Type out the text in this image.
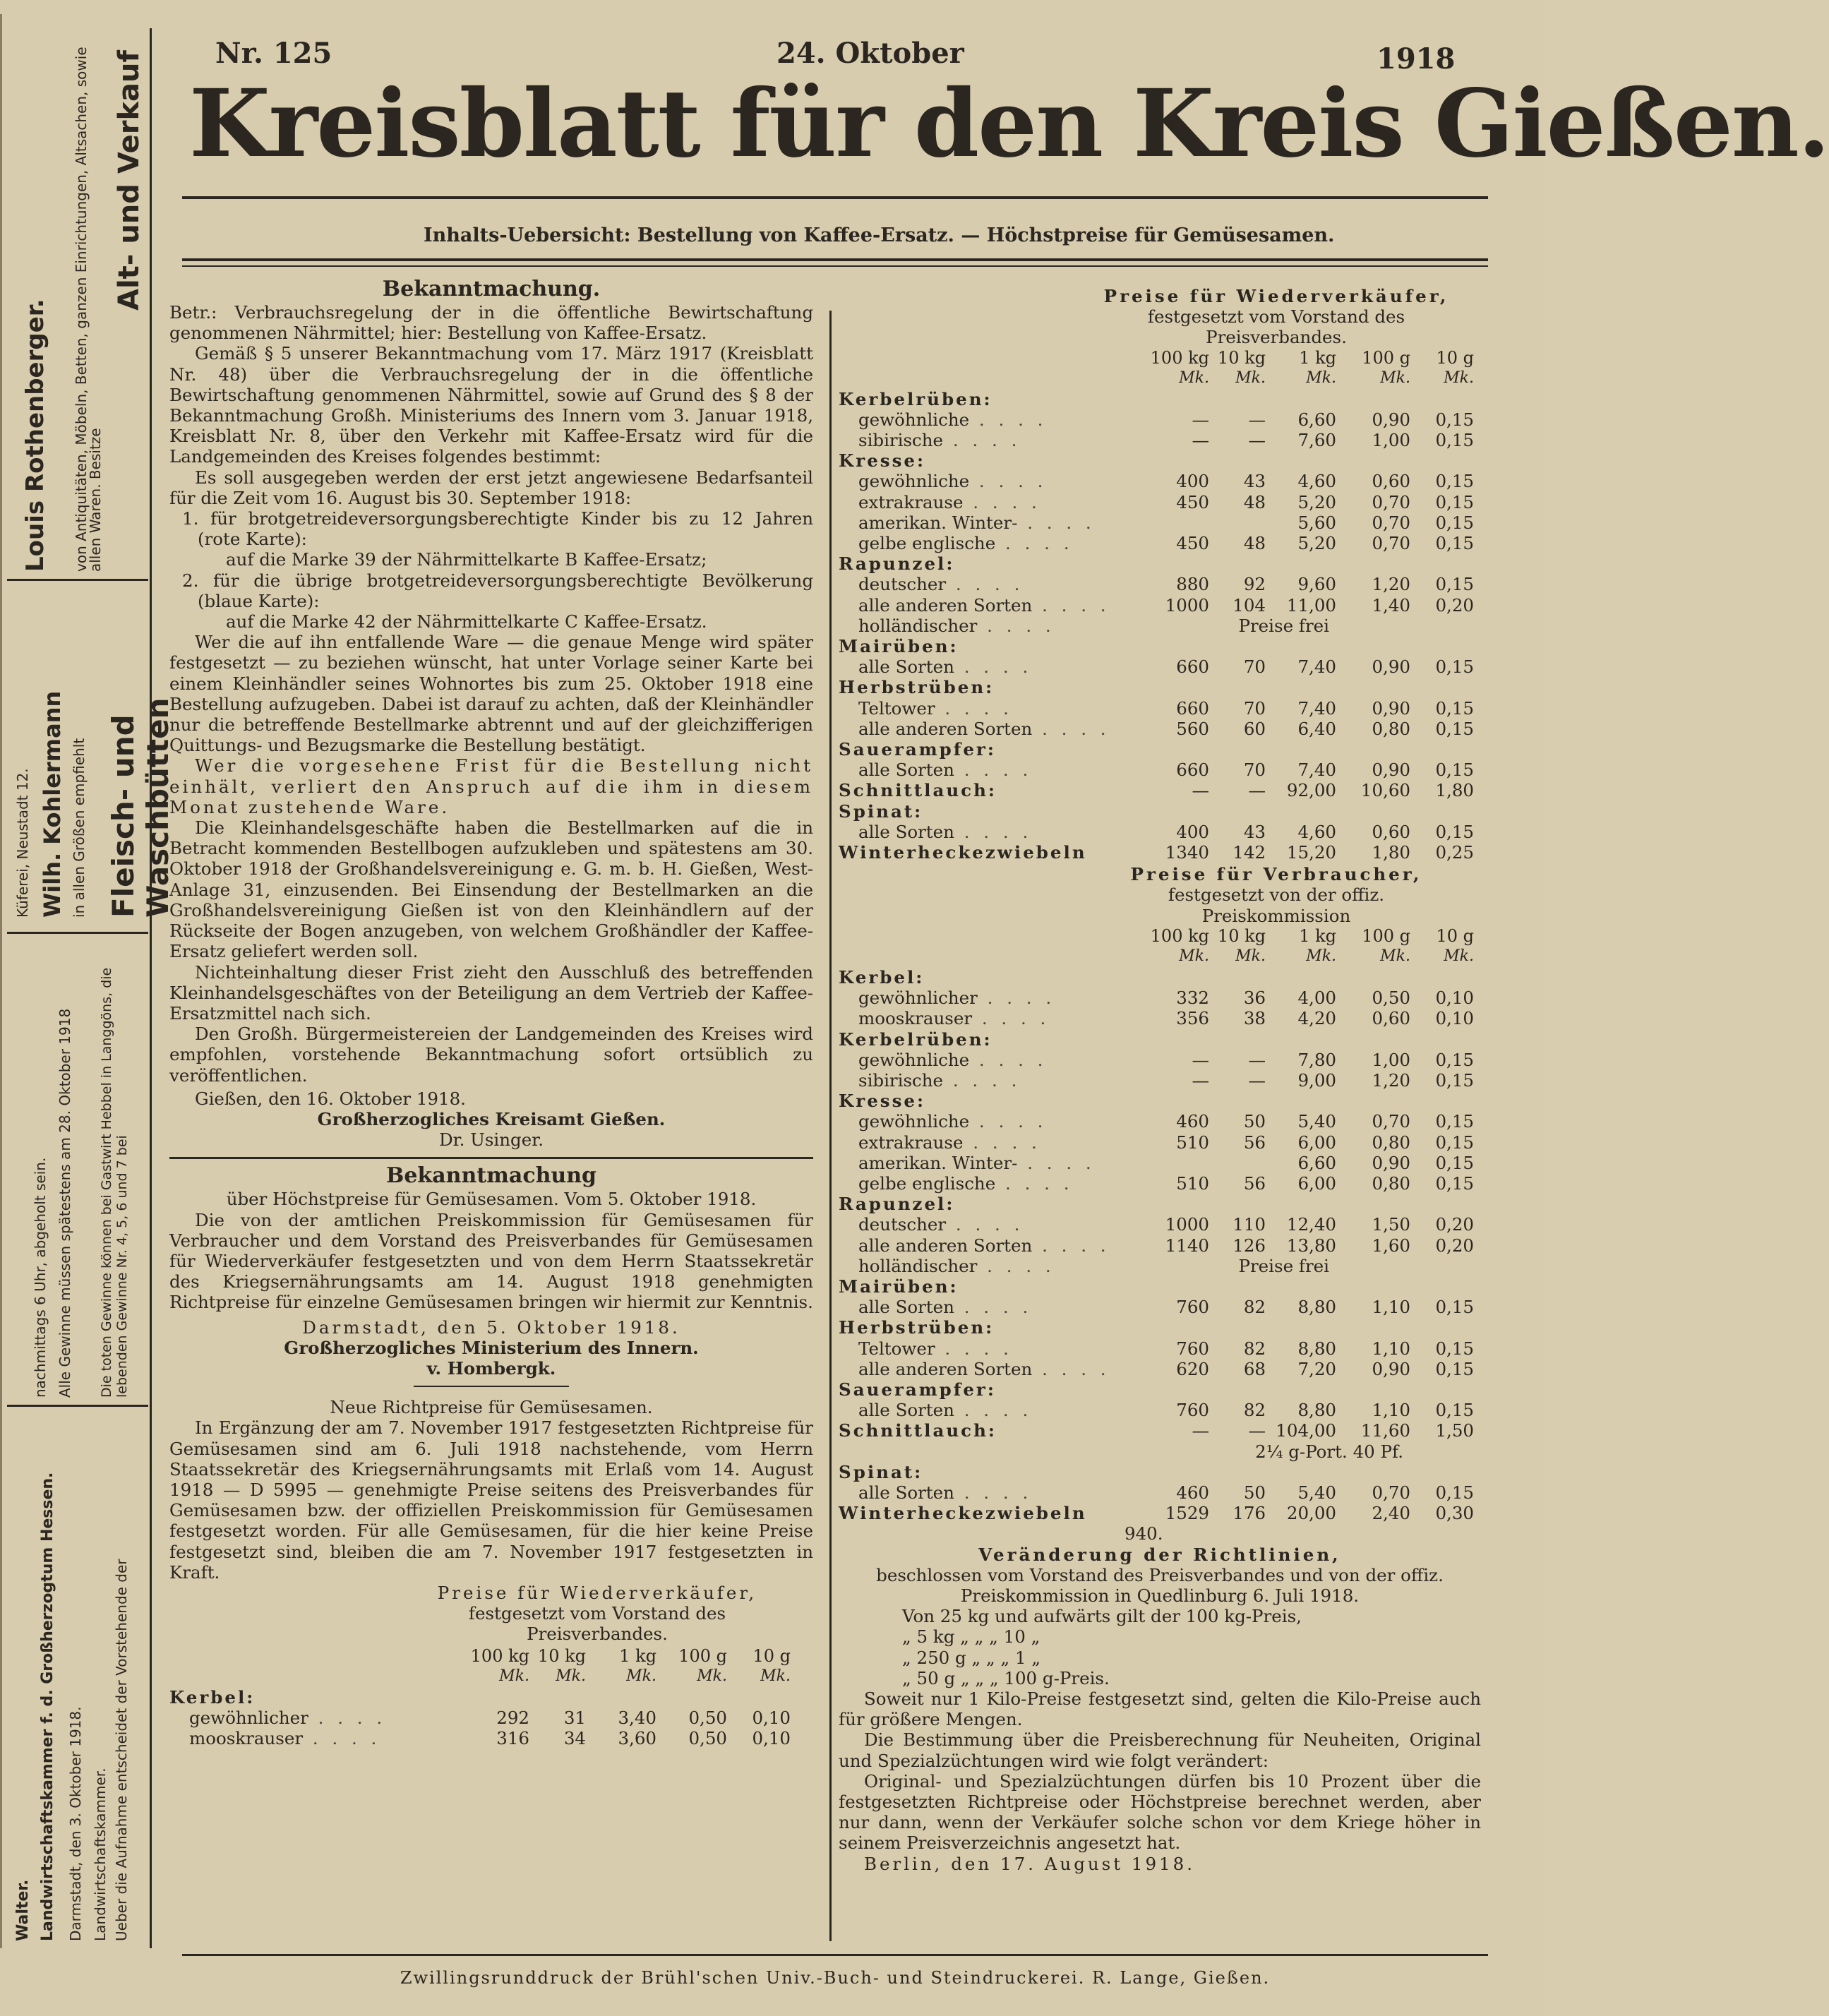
Nr. 125	24. Oktober	1918
Kreisblatt für den Kreis Gießen.
Inhalts-Uebersicht: Bestellung von Kaffee-Ersatz. — Höchstpreise für Gemüsesamen.
Alt- und Verkauf
von Antiquitäten, Möbeln, Betten, ganzen Einrichtungen, Altsachen, sowie allen Waren. Besitze
Louis Rothenberger.
Fleisch- und Waschbütten
in allen Größen empfiehlt
Wilh. Kohlermann
Küferei, Neustadt 12.
Die toten Gewinne können bei Gastwirt Hebbel in Langgöns, die lebenden Gewinne Nr. 4, 5, 6 und 7 bei
Alle Gewinne müssen spätestens am 28. Oktober 1918
nachmittags 6 Uhr, abgeholt sein.
Ueber die Aufnahme entscheidet der Vorstehende der
Landwirtschaftskammer.
Darmstadt, den 3. Oktober 1918.
Landwirtschaftskammer f. d. Großherzogtum Hessen.
Walter.

Bekanntmachung.

Betr.: Verbrauchsregelung der in die öffentliche Bewirtschaftung genommenen Nährmittel; hier: Bestellung von Kaffee-Ersatz.

Gemäß § 5 unserer Bekanntmachung vom 17. März 1917 (Kreisblatt Nr. 48) über die Verbrauchsregelung der in die öffentliche Bewirtschaftung genommenen Nährmittel, sowie auf Grund des § 8 der Bekanntmachung Großh. Ministeriums des Innern vom 3. Januar 1918, Kreisblatt Nr. 8, über den Verkehr mit Kaffee-Ersatz wird für die Landgemeinden des Kreises folgendes bestimmt:

Es soll ausgegeben werden der erst jetzt angewiesene Bedarfsanteil für die Zeit vom 16. August bis 30. September 1918:

1. für brotgetreideversorgungsberechtigte Kinder bis zu 12 Jahren (rote Karte):

auf die Marke 39 der Nährmittelkarte B Kaffee-Ersatz;

2. für die übrige brotgetreideversorgungsberechtigte Bevölkerung (blaue Karte):

auf die Marke 42 der Nährmittelkarte C Kaffee-Ersatz.

Wer die auf ihn entfallende Ware — die genaue Menge wird später festgesetzt — zu beziehen wünscht, hat unter Vorlage seiner Karte bei einem Kleinhändler seines Wohnortes bis zum 25. Oktober 1918 eine Bestellung aufzugeben. Dabei ist darauf zu achten, daß der Kleinhändler nur die betreffende Bestellmarke abtrennt und auf der gleichzifferigen Quittungs- und Bezugsmarke die Bestellung bestätigt.

Wer die vorgesehene Frist für die Bestellung nicht einhält, verliert den Anspruch auf die ihm in diesem Monat zustehende Ware.

Die Kleinhandelsgeschäfte haben die Bestellmarken auf die in Betracht kommenden Bestellbogen aufzukleben und spätestens am 30. Oktober 1918 der Großhandelsvereinigung e. G. m. b. H. Gießen, West-Anlage 31, einzusenden. Bei Einsendung der Bestellmarken an die Großhandelsvereinigung Gießen ist von den Kleinhändlern auf der Rückseite der Bogen anzugeben, von welchem Großhändler der Kaffee-Ersatz geliefert werden soll.

Nichteinhaltung dieser Frist zieht den Ausschluß des betreffenden Kleinhandelsgeschäftes von der Beteiligung an dem Vertrieb der Kaffee-Ersatzmittel nach sich.

Den Großh. Bürgermeistereien der Landgemeinden des Kreises wird empfohlen, vorstehende Bekanntmachung sofort ortsüblich zu veröffentlichen.

Gießen, den 16. Oktober 1918.

Großherzogliches Kreisamt Gießen.

Dr. Usinger.

Bekanntmachung

über Höchstpreise für Gemüsesamen. Vom 5. Oktober 1918.

Die von der amtlichen Preiskommission für Gemüsesamen für Verbraucher und dem Vorstand des Preisverbandes für Gemüsesamen für Wiederverkäufer festgesetzten und von dem Herrn Staatssekretär des Kriegsernährungsamts am 14. August 1918 genehmigten Richtpreise für einzelne Gemüsesamen bringen wir hiermit zur Kenntnis.

Darmstadt, den 5. Oktober 1918.

Großherzogliches Ministerium des Innern.

v. Hombergk.

Neue Richtpreise für Gemüsesamen.

In Ergänzung der am 7. November 1917 festgesetzten Richtpreise für Gemüsesamen sind am 6. Juli 1918 nachstehende, vom Herrn Staatssekretär des Kriegsernährungsamts mit Erlaß vom 14. August 1918 — D 5995 — genehmigte Preise seitens des Preisverbandes für Gemüsesamen bzw. der offiziellen Preiskommission für Gemüsesamen festgesetzt worden. Für alle Gemüsesamen, für die hier keine Preise festgesetzt sind, bleiben die am 7. November 1917 festgesetzten in Kraft.

Preise für Wiederverkäufer,

festgesetzt vom Vorstand des

Preisverbandes.

	100 kg	10 kg	1 kg	100 g	10 g
	Mk.	Mk.	Mk.	Mk.	Mk.
Kerbel:					
gewöhnlicher . . . .	292	31	3,40	0,50	0,10
mooskrauser . . . .	316	34	3,60	0,50	0,10

Preise für Wiederverkäufer,

festgesetzt vom Vorstand des

Preisverbandes.

	100 kg	10 kg	1 kg	100 g	10 g
	Mk.	Mk.	Mk.	Mk.	Mk.
Kerbelrüben:					
gewöhnliche . . . .	—	—	6,60	0,90	0,15
sibirische . . . .	—	—	7,60	1,00	0,15
Kresse:					
gewöhnliche . . . .	400	43	4,60	0,60	0,15
extrakrause . . . .	450	48	5,20	0,70	0,15
amerikan. Winter- . . . .			5,60	0,70	0,15
gelbe englische . . . .	450	48	5,20	0,70	0,15
Rapunzel:					
deutscher . . . .	880	92	9,60	1,20	0,15
alle anderen Sorten . . . .	1000	104	11,00	1,40	0,20
holländischer . . . .	Preise frei				
Mairüben:					
alle Sorten . . . .	660	70	7,40	0,90	0,15
Herbstrüben:					
Teltower . . . .	660	70	7,40	0,90	0,15
alle anderen Sorten . . . .	560	60	6,40	0,80	0,15
Sauerampfer:					
alle Sorten . . . .	660	70	7,40	0,90	0,15
Schnittlauch:	—	—	92,00	10,60	1,80
Spinat:					
alle Sorten . . . .	400	43	4,60	0,60	0,15
Winterheckezwiebeln	1340	142	15,20	1,80	0,25

Preise für Verbraucher,

festgesetzt von der offiz.

Preiskommission

	100 kg	10 kg	1 kg	100 g	10 g
	Mk.	Mk.	Mk.	Mk.	Mk.
Kerbel:					
gewöhnlicher . . . .	332	36	4,00	0,50	0,10
mooskrauser . . . .	356	38	4,20	0,60	0,10
Kerbelrüben:					
gewöhnliche . . . .	—	—	7,80	1,00	0,15
sibirische . . . .	—	—	9,00	1,20	0,15
Kresse:					
gewöhnliche . . . .	460	50	5,40	0,70	0,15
extrakrause . . . .	510	56	6,00	0,80	0,15
amerikan. Winter- . . . .			6,60	0,90	0,15
gelbe englische . . . .	510	56	6,00	0,80	0,15
Rapunzel:					
deutscher . . . .	1000	110	12,40	1,50	0,20
alle anderen Sorten . . . .	1140	126	13,80	1,60	0,20
holländischer . . . .	Preise frei				
Mairüben:					
alle Sorten . . . .	760	82	8,80	1,10	0,15
Herbstrüben:					
Teltower . . . .	760	82	8,80	1,10	0,15
alle anderen Sorten . . . .	620	68	7,20	0,90	0,15
Sauerampfer:					
alle Sorten . . . .	760	82	8,80	1,10	0,15
Schnittlauch:	—	—	104,00	11,60	1,50

2¼ g-Port. 40 Pf.

Spinat:					
alle Sorten . . . .	460	50	5,40	0,70	0,15
Winterheckezwiebeln	1529	176	20,00	2,40	0,30

940.

Veränderung der Richtlinien,

beschlossen vom Vorstand des Preisverbandes und von der offiz.

Preiskommission in Quedlinburg 6. Juli 1918.

Von 25 kg und aufwärts gilt der 100 kg-Preis,

„ 5 kg „ „ „ 10 „

„ 250 g „ „ „ 1 „

„ 50 g „ „ „ 100 g-Preis.

Soweit nur 1 Kilo-Preise festgesetzt sind, gelten die Kilo-Preise auch für größere Mengen.

Die Bestimmung über die Preisberechnung für Neuheiten, Original und Spezialzüchtungen wird wie folgt verändert:

Original- und Spezialzüchtungen dürfen bis 10 Prozent über die festgesetzten Richtpreise oder Höchstpreise berechnet werden, aber nur dann, wenn der Verkäufer solche schon vor dem Kriege höher in seinem Preisverzeichnis angesetzt hat.

Berlin, den 17. August 1918.

Zwillingsrunddruck der Brühl'schen Univ.-Buch- und Steindruckerei. R. Lange, Gießen.
